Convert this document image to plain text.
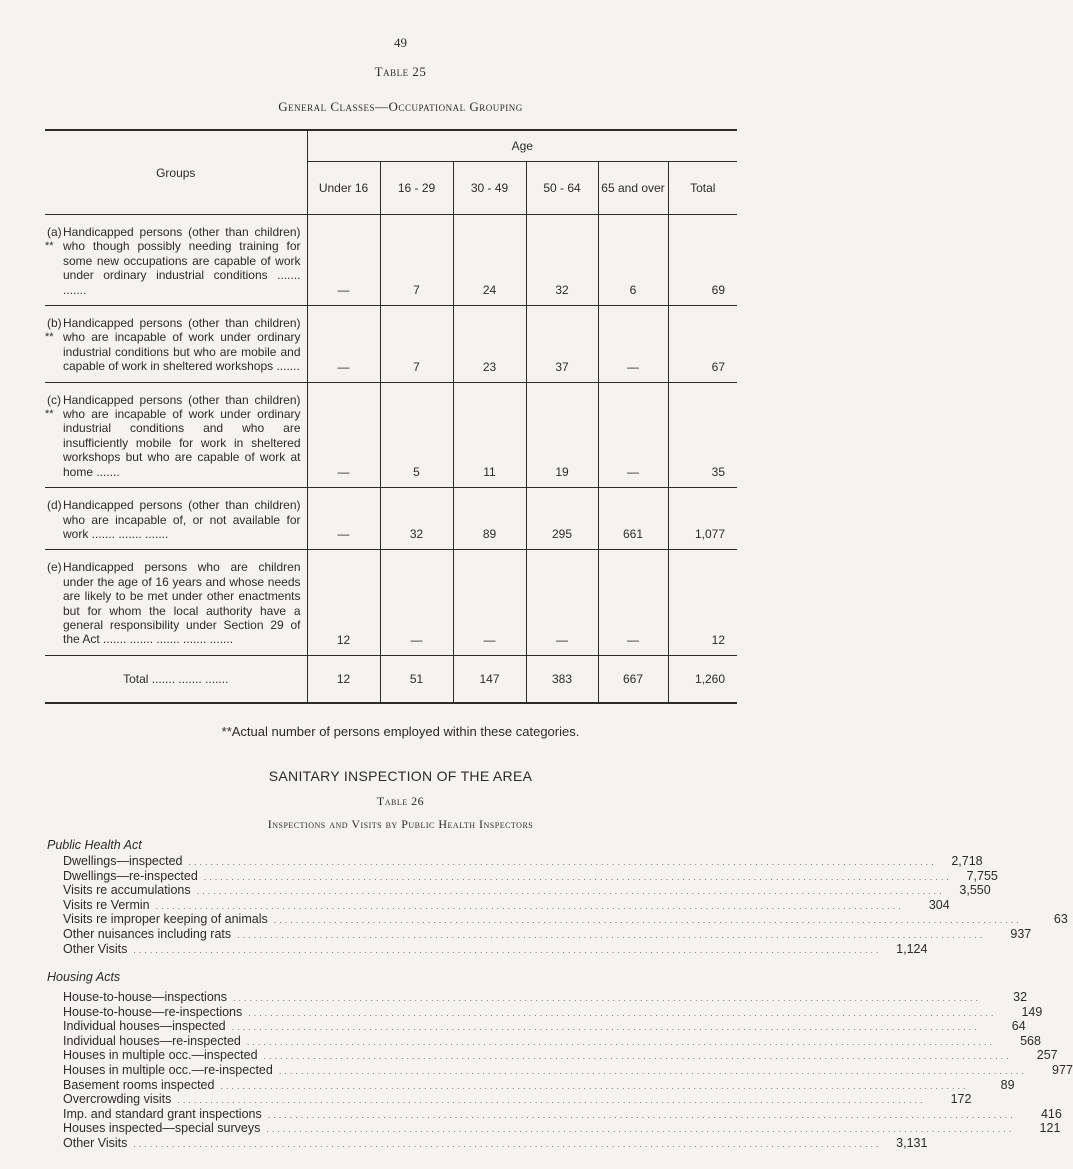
49
Table 25
General Classes—Occupational Grouping
Groups	Age					
	Under 16	16 - 29	30 - 49	50 - 64	65 and over	Total

(a)
**
Handicapped persons (other than children) who though possibly needing training for some new occupations are capable of work under ordinary industrial conditions ....... .......	—	7	24	32	6	69

(b)
**
Handicapped persons (other than children) who are incapable of work under ordinary industrial conditions but who are mobile and capable of work in sheltered workshops .......	—	7	23	37	—	67

(c)
**
Handicapped persons (other than children) who are incapable of work under ordinary industrial conditions and who are insufficiently mobile for work in sheltered workshops but who are capable of work at home .......	—	5	11	19	—	35

(d) Handicapped persons (other than children) who are incapable of, or not available for work ....... ....... .......	—	32	89	295	661	1,077

(e) Handicapped persons who are children under the age of 16 years and whose needs are likely to be met under other enactments but for whom the local authority have a general responsibility under Section 29 of the Act ....... ....... ....... ....... .......	12	—	—	—	—	12
Total ....... ....... .......	12	51	147	383	667	1,260
**Actual number of persons employed within these categories.
SANITARY INSPECTION OF THE AREA
Table 26
Inspections and Visits by Public Health Inspectors
Public Health Act
Dwellings—inspected ........................................................................................................................................	2,718
Dwellings—re-inspected ........................................................................................................................................	7,755
Visits re accumulations ........................................................................................................................................	3,550
Visits re Vermin ........................................................................................................................................	304
Visits re improper keeping of animals ........................................................................................................................................	63
Other nuisances including rats ........................................................................................................................................	937
Other Visits ........................................................................................................................................	1,124
Housing Acts
House-to-house—inspections ........................................................................................................................................	32
House-to-house—re-inspections ........................................................................................................................................	149
Individual houses—inspected ........................................................................................................................................	64
Individual houses—re-inspected ........................................................................................................................................	568
Houses in multiple occ.—inspected ........................................................................................................................................	257
Houses in multiple occ.—re-inspected ........................................................................................................................................	977
Basement rooms inspected ........................................................................................................................................	89
Overcrowding visits ........................................................................................................................................	172
Imp. and standard grant inspections ........................................................................................................................................	416
Houses inspected—special surveys ........................................................................................................................................	121
Other Visits ........................................................................................................................................	3,131
